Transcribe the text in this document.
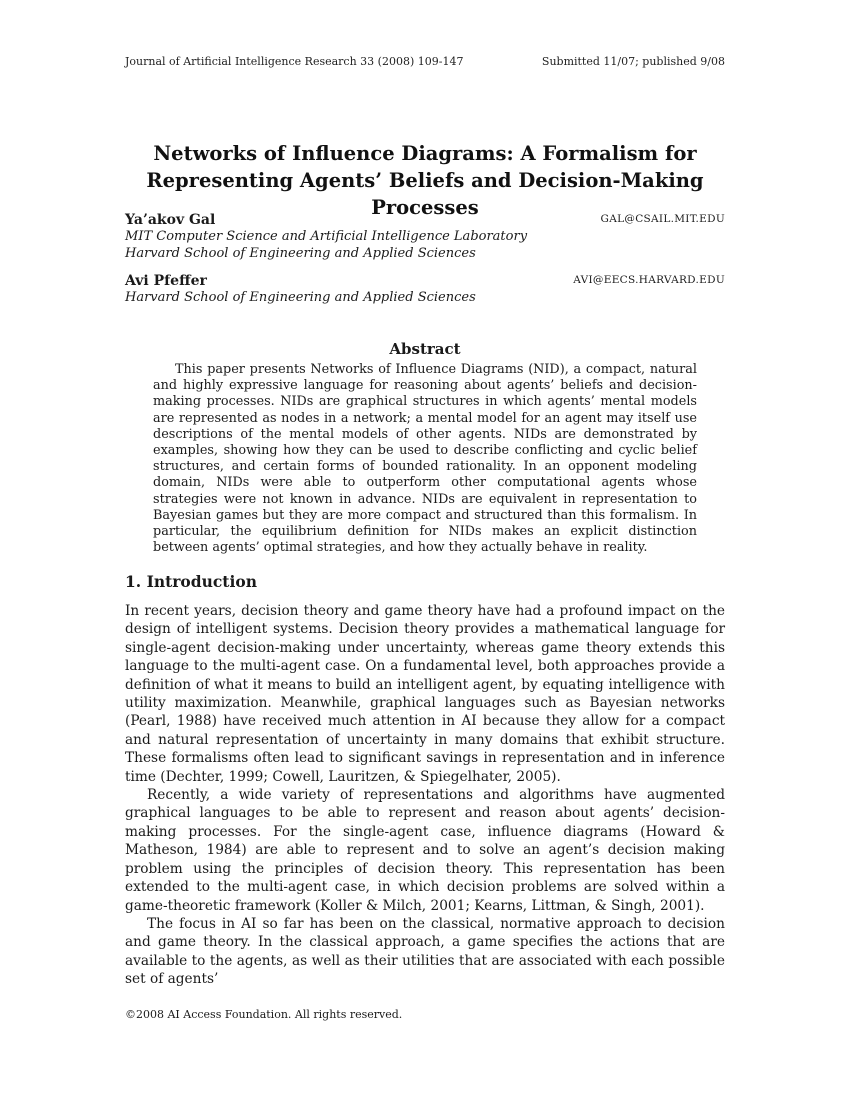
Journal of Artificial Intelligence Research 33 (2008) 109-147	Submitted 11/07; published 9/08
Networks of Influence Diagrams: A Formalism for
Representing Agents’ Beliefs and Decision-Making Processes
Ya’akov Gal	GAL@CSAIL.MIT.EDU
MIT Computer Science and Artificial Intelligence Laboratory
Harvard School of Engineering and Applied Sciences
Avi Pfeffer	AVI@EECS.HARVARD.EDU
Harvard School of Engineering and Applied Sciences
Abstract
This paper presents Networks of Influence Diagrams (NID), a compact, natural and highly expressive language for reasoning about agents’ beliefs and decision-making processes. NIDs are graphical structures in which agents’ mental models are represented as nodes in a network; a mental model for an agent may itself use descriptions of the mental models of other agents. NIDs are demonstrated by examples, showing how they can be used to describe conflicting and cyclic belief structures, and certain forms of bounded rationality. In an opponent modeling domain, NIDs were able to outperform other computational agents whose strategies were not known in advance. NIDs are equivalent in representation to Bayesian games but they are more compact and structured than this formalism. In particular, the equilibrium definition for NIDs makes an explicit distinction between agents’ optimal strategies, and how they actually behave in reality.
1. Introduction

In recent years, decision theory and game theory have had a profound impact on the design of intelligent systems. Decision theory provides a mathematical language for single-agent decision-making under uncertainty, whereas game theory extends this language to the multi-agent case. On a fundamental level, both approaches provide a definition of what it means to build an intelligent agent, by equating intelligence with utility maximization. Meanwhile, graphical languages such as Bayesian networks (Pearl, 1988) have received much attention in AI because they allow for a compact and natural representation of uncertainty in many domains that exhibit structure. These formalisms often lead to significant savings in representation and in inference time (Dechter, 1999; Cowell, Lauritzen, & Spiegelhater, 2005).

Recently, a wide variety of representations and algorithms have augmented graphical languages to be able to represent and reason about agents’ decision-making processes. For the single-agent case, influence diagrams (Howard & Matheson, 1984) are able to represent and to solve an agent’s decision making problem using the principles of decision theory. This representation has been extended to the multi-agent case, in which decision problems are solved within a game-theoretic framework (Koller & Milch, 2001; Kearns, Littman, & Singh, 2001).

The focus in AI so far has been on the classical, normative approach to decision and game theory. In the classical approach, a game specifies the actions that are available to the agents, as well as their utilities that are associated with each possible set of agents’

©2008 AI Access Foundation. All rights reserved.
